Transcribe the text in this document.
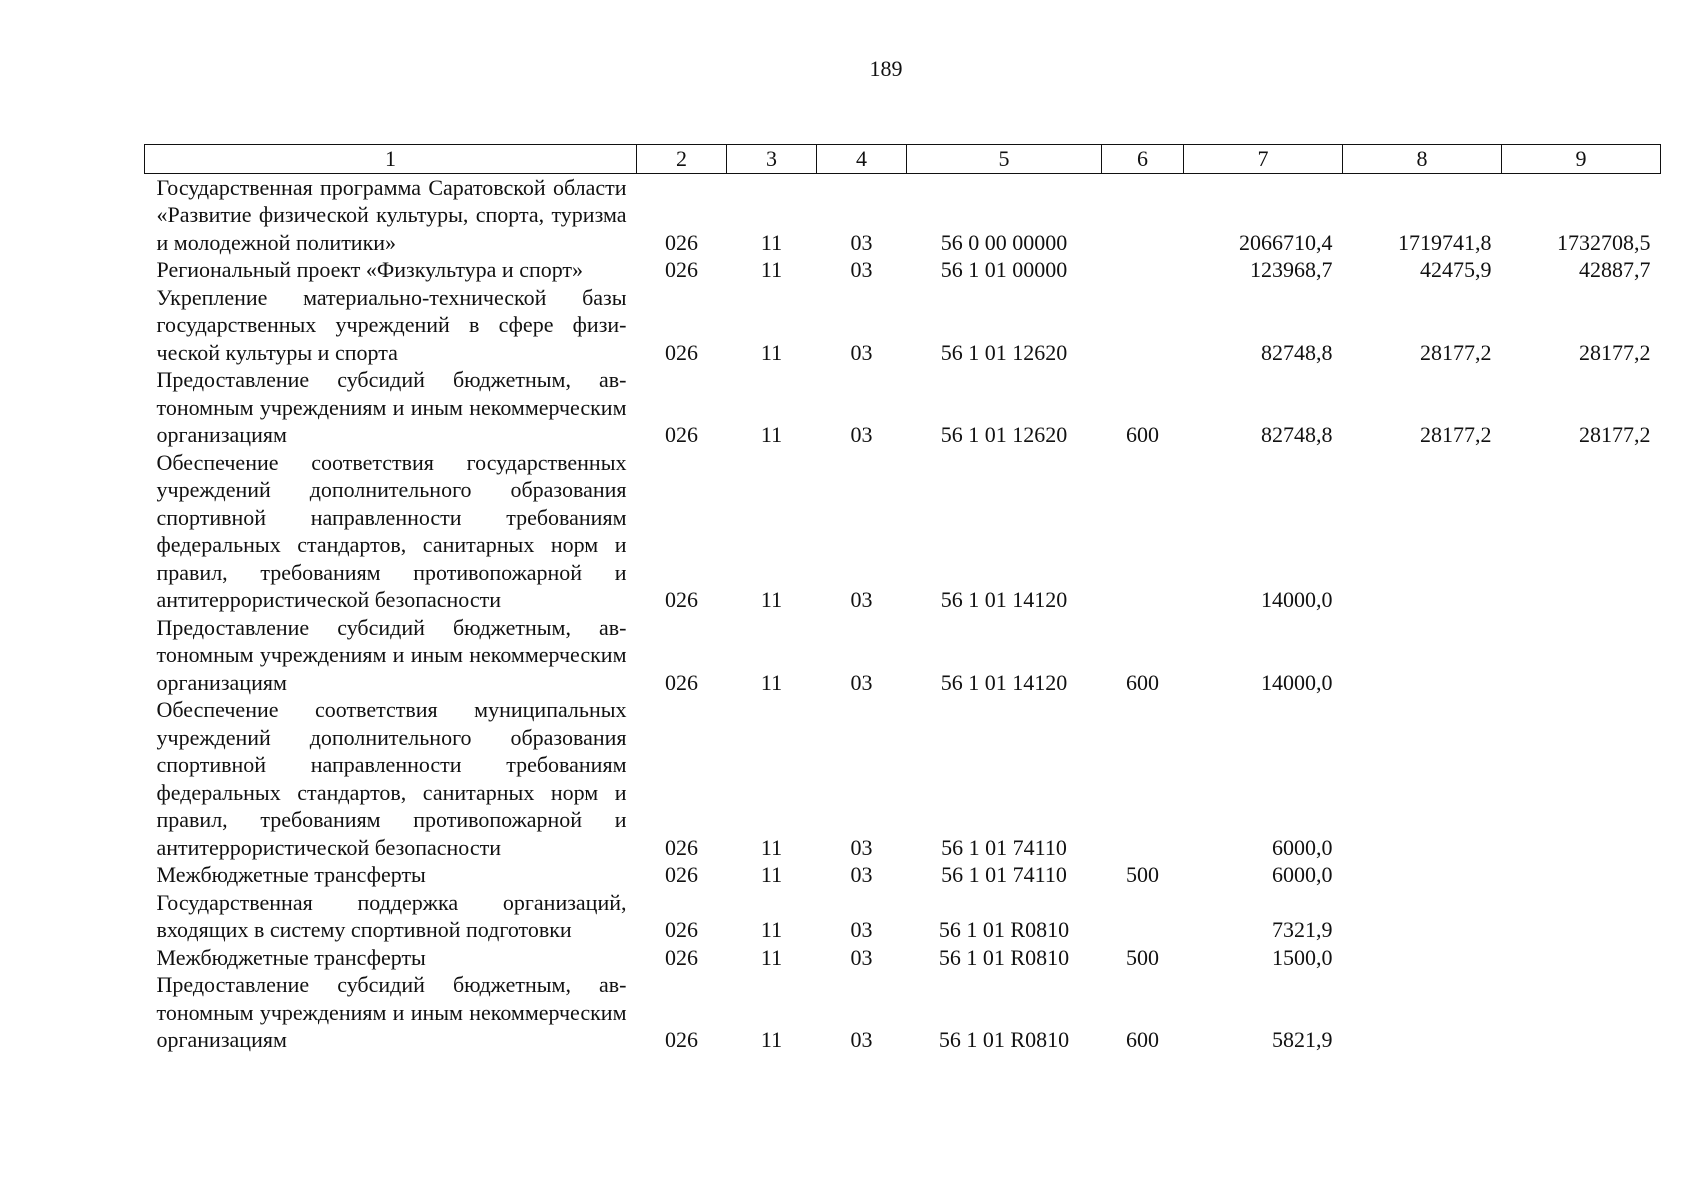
189
1	2	3	4	5	6	7	8	9
Государственная программа Саратовской области «Развитие физической культуры, спорта, туризма и молодежной политики»	026	11	03	56 0 00 00000		2066710,4	1719741,8	1732708,5
Региональный проект «Физкультура и спорт»	026	11	03	56 1 01 00000		123968,7	42475,9	42887,7
Укрепление материально-технической базы государственных учреждений в сфере физической культуры и спорта	026	11	03	56 1 01 12620		82748,8	28177,2	28177,2
Предоставление субсидий бюджетным, автономным учреждениям и иным некоммерческим организациям	026	11	03	56 1 01 12620	600	82748,8	28177,2	28177,2
Обеспечение соответствия государственных учреждений дополнительного образования спортивной направленности требованиям федеральных стандартов, санитарных норм и правил, требованиям противопожарной и антитеррористической безопасности	026	11	03	56 1 01 14120		14000,0		
Предоставление субсидий бюджетным, автономным учреждениям и иным некоммерческим организациям	026	11	03	56 1 01 14120	600	14000,0		
Обеспечение соответствия муниципальных учреждений дополнительного образования спортивной направленности требованиям федеральных стандартов, санитарных норм и правил, требованиям противопожарной и антитеррористической безопасности	026	11	03	56 1 01 74110		6000,0		
Межбюджетные трансферты	026	11	03	56 1 01 74110	500	6000,0		
Государственная поддержка организаций, входящих в систему спортивной подготовки	026	11	03	56 1 01 R0810		7321,9		
Межбюджетные трансферты	026	11	03	56 1 01 R0810	500	1500,0		
Предоставление субсидий бюджетным, автономным учреждениям и иным некоммерческим организациям	026	11	03	56 1 01 R0810	600	5821,9		
